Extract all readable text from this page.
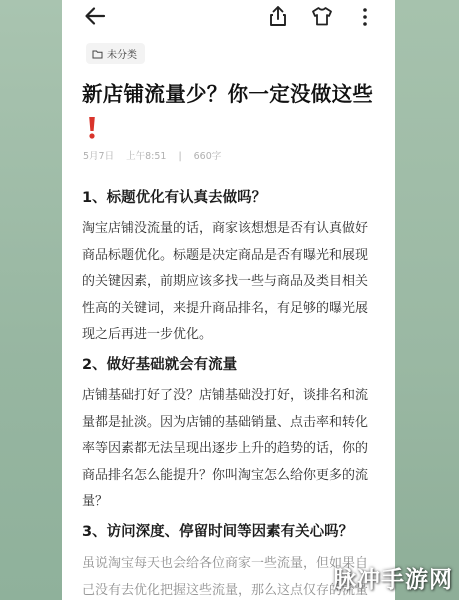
未分类
新店铺流量少？你一定没做这些
5月7日 上午8:51 | 660字
1、标题优化有认真去做吗？
淘宝店铺没流量的话，商家该想想是否有认真做好
商品标题优化。标题是决定商品是否有曝光和展现
的关键因素，前期应该多找一些与商品及类目相关
性高的关键词，来提升商品排名，有足够的曝光展
现之后再进一步优化。
2、做好基础就会有流量
店铺基础打好了没？店铺基础没打好，谈排名和流
量都是扯淡。因为店铺的基础销量、点击率和转化
率等因素都无法呈现出逐步上升的趋势的话，你的
商品排名怎么能提升？你叫淘宝怎么给你更多的流
量？
3、访问深度、停留时间等因素有关心吗？
虽说淘宝每天也会给各位商家一些流量，但如果自
己没有去优化把握这些流量，那么这点仅存的流量
脉冲手游网
